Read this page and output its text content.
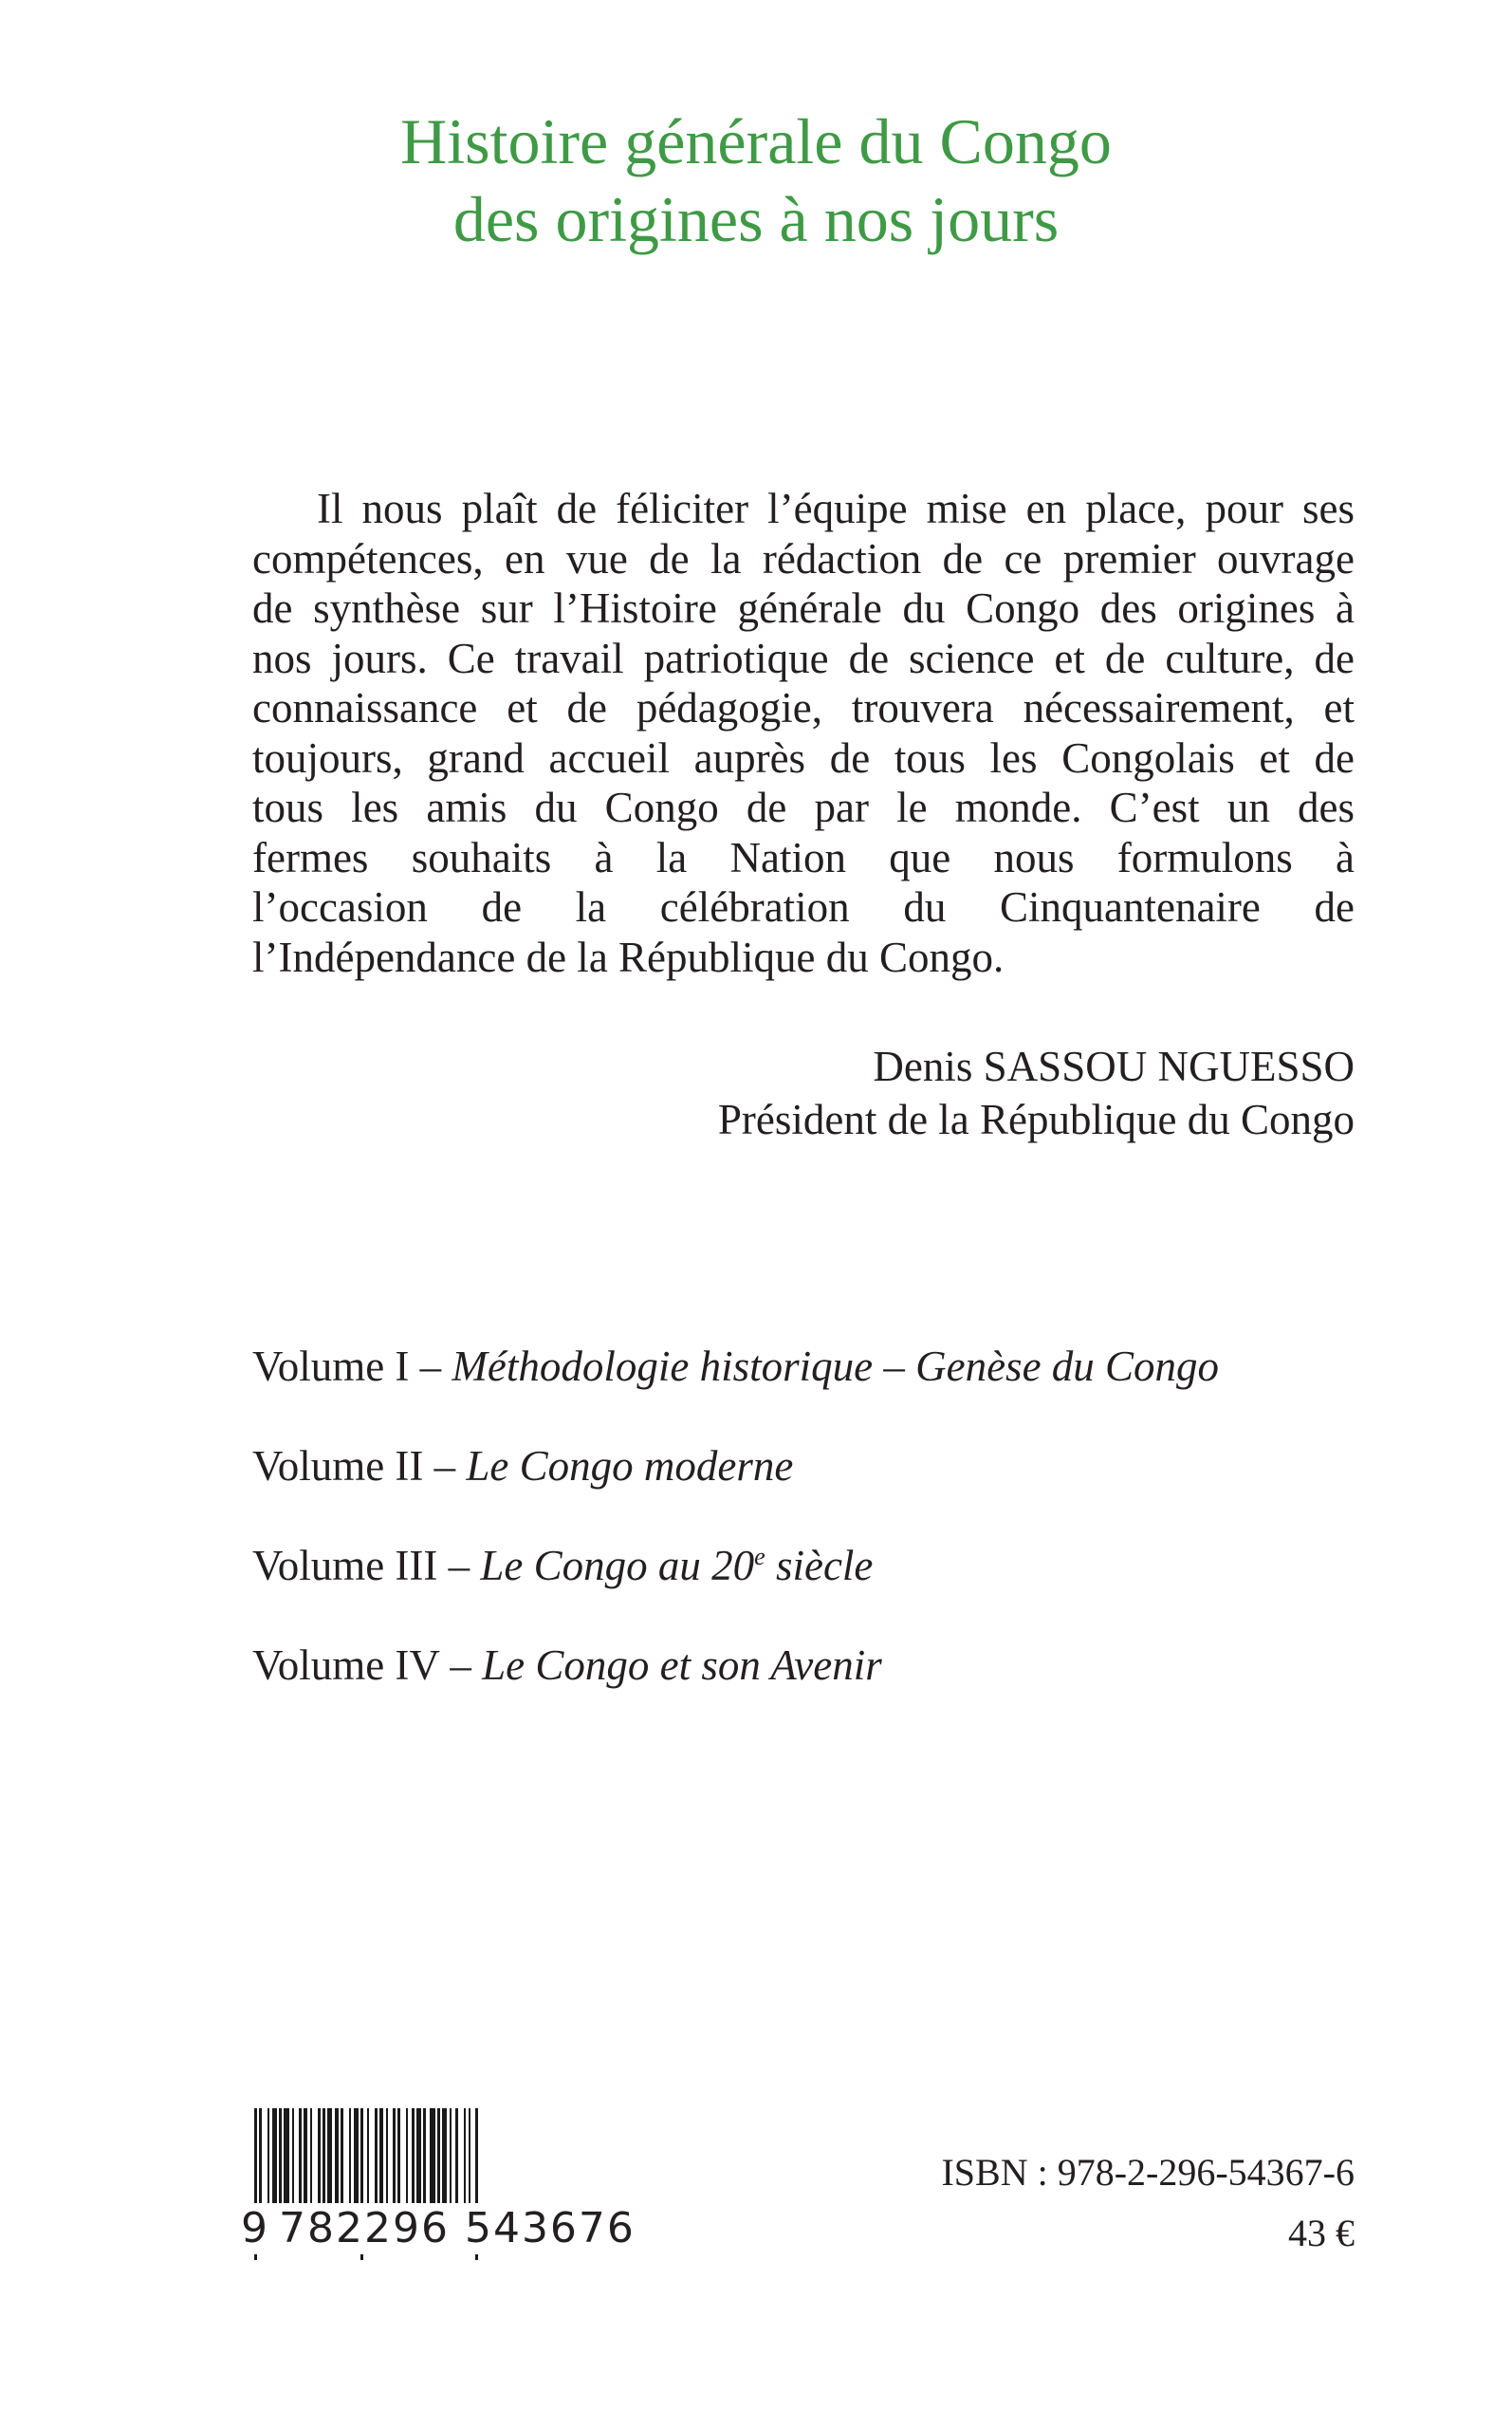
Histoire générale du Congo
des origines à nos jours
Il nous plaît de féliciter l’équipe mise en place, pour ses
compétences, en vue de la rédaction de ce premier ouvrage
de synthèse sur l’Histoire générale du Congo des origines à
nos jours. Ce travail patriotique de science et de culture, de
connaissance et de pédagogie, trouvera nécessairement, et
toujours, grand accueil auprès de tous les Congolais et de
tous les amis du Congo de par le monde. C’est un des
fermes souhaits à la Nation que nous formulons à
l’occasion de la célébration du Cinquantenaire de
l’Indépendance de la République du Congo.
Denis SASSOU NGUESSO
Président de la République du Congo
Volume I – Méthodologie historique – Genèse du Congo
Volume II – Le Congo moderne
Volume III – Le Congo au 20e siècle
Volume IV – Le Congo et son Avenir
9 782296 543676
ISBN : 978-2-296-54367-6
43 €
